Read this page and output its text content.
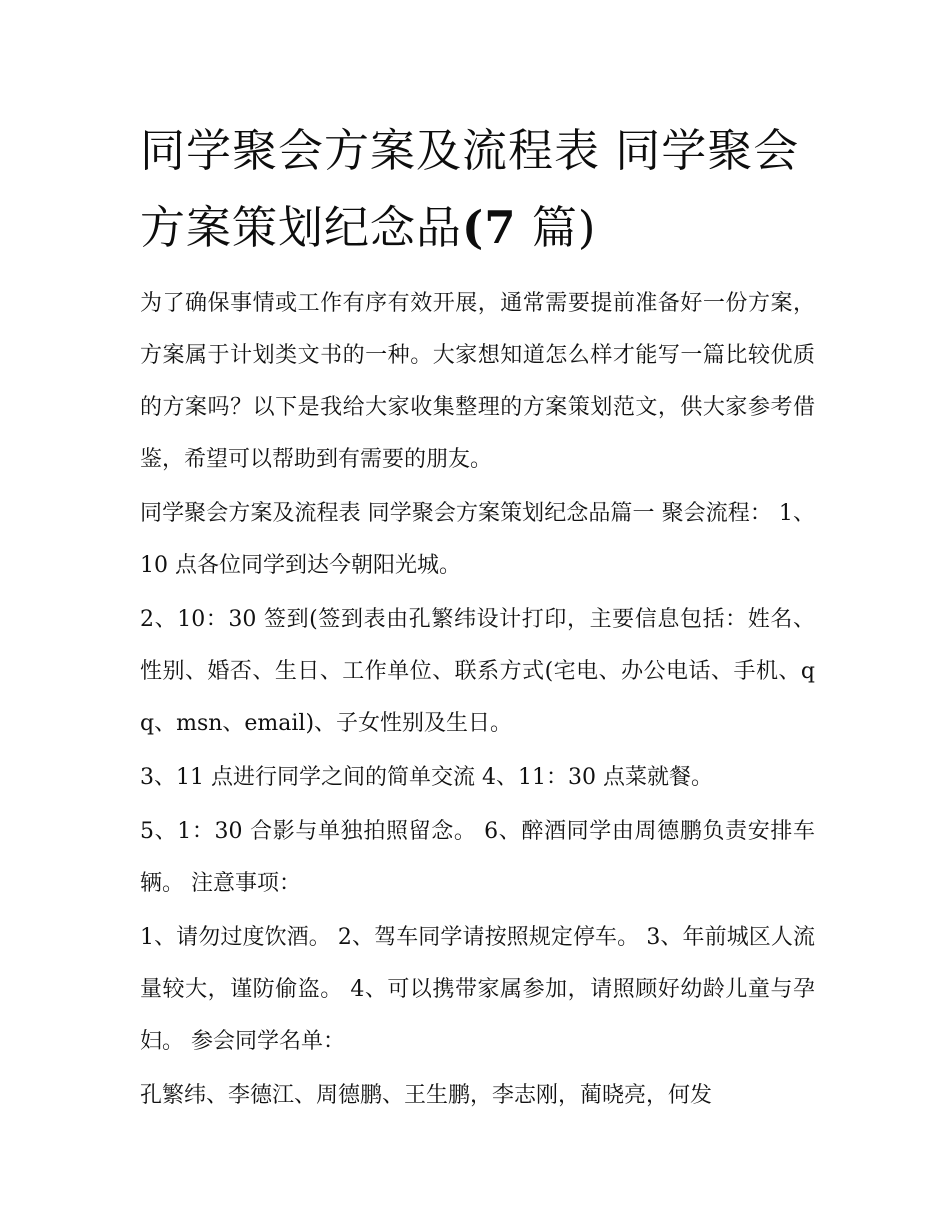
同学聚会方案及流程表 同学聚会方案策划纪念品(7 篇)

为了确保事情或工作有序有效开展，通常需要提前准备好一份方案，方案属于计划类文书的一种。大家想知道怎么样才能写一篇比较优质的方案吗？以下是我给大家收集整理的方案策划范文，供大家参考借鉴，希望可以帮助到有需要的朋友。

同学聚会方案及流程表 同学聚会方案策划纪念品篇一 聚会流程： 1、10 点各位同学到达今朝阳光城。

2、10：30 签到(签到表由孔繁纬设计打印，主要信息包括：姓名、性别、婚否、生日、工作单位、联系方式(宅电、办公电话、手机、qq、msn、email)、子女性别及生日。

3、11 点进行同学之间的简单交流 4、11：30 点菜就餐。

5、1：30 合影与单独拍照留念。 6、醉酒同学由周德鹏负责安排车辆。 注意事项：

1、请勿过度饮酒。 2、驾车同学请按照规定停车。 3、年前城区人流量较大，谨防偷盗。 4、可以携带家属参加，请照顾好幼龄儿童与孕妇。 参会同学名单：

孔繁纬、李德江、周德鹏、王生鹏，李志刚，蔺晓亮，何发
